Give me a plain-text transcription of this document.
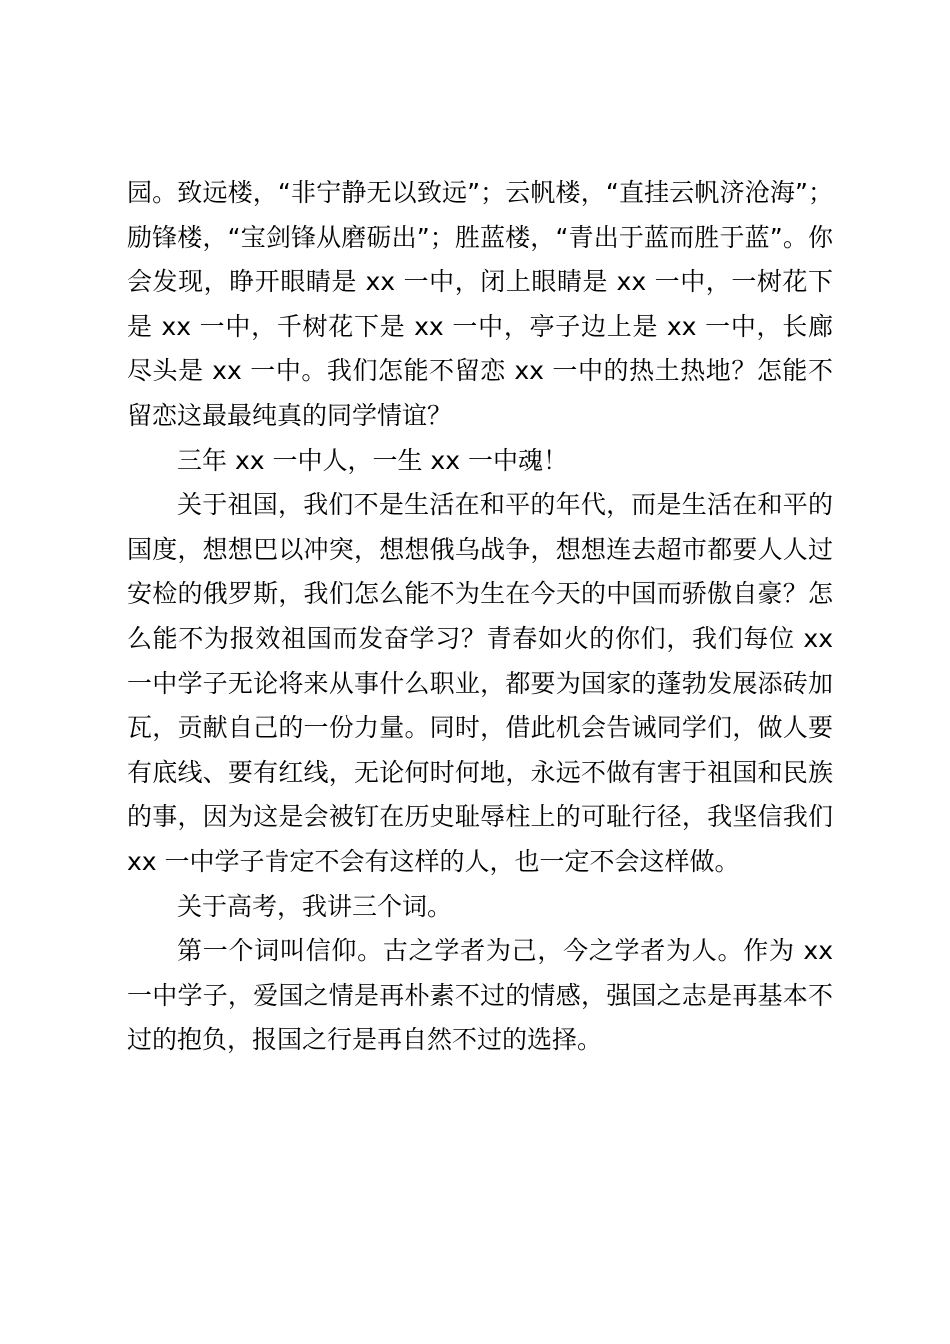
园。致远楼，“非宁静无以致远”；云帆楼，“直挂云帆济沧海”；励锋楼，“宝剑锋从磨砺出”；胜蓝楼，“青出于蓝而胜于蓝”。你会发现，睁开眼睛是 xx 一中，闭上眼睛是 xx 一中，一树花下是 xx 一中，千树花下是 xx 一中，亭子边上是 xx 一中，长廊尽头是 xx 一中。我们怎能不留恋 xx 一中的热土热地？怎能不留恋这最最纯真的同学情谊？

三年 xx 一中人，一生 xx 一中魂！

关于祖国，我们不是生活在和平的年代，而是生活在和平的国度，想想巴以冲突，想想俄乌战争，想想连去超市都要人人过安检的俄罗斯，我们怎么能不为生在今天的中国而骄傲自豪？怎么能不为报效祖国而发奋学习？青春如火的你们，我们每位 xx 一中学子无论将来从事什么职业，都要为国家的蓬勃发展添砖加瓦，贡献自己的一份力量。同时，借此机会告诫同学们，做人要有底线、要有红线，无论何时何地，永远不做有害于祖国和民族的事，因为这是会被钉在历史耻辱柱上的可耻行径，我坚信我们 xx 一中学子肯定不会有这样的人，也一定不会这样做。

关于高考，我讲三个词。

第一个词叫信仰。古之学者为己，今之学者为人。作为 xx 一中学子，爱国之情是再朴素不过的情感，强国之志是再基本不过的抱负，报国之行是再自然不过的选择。
